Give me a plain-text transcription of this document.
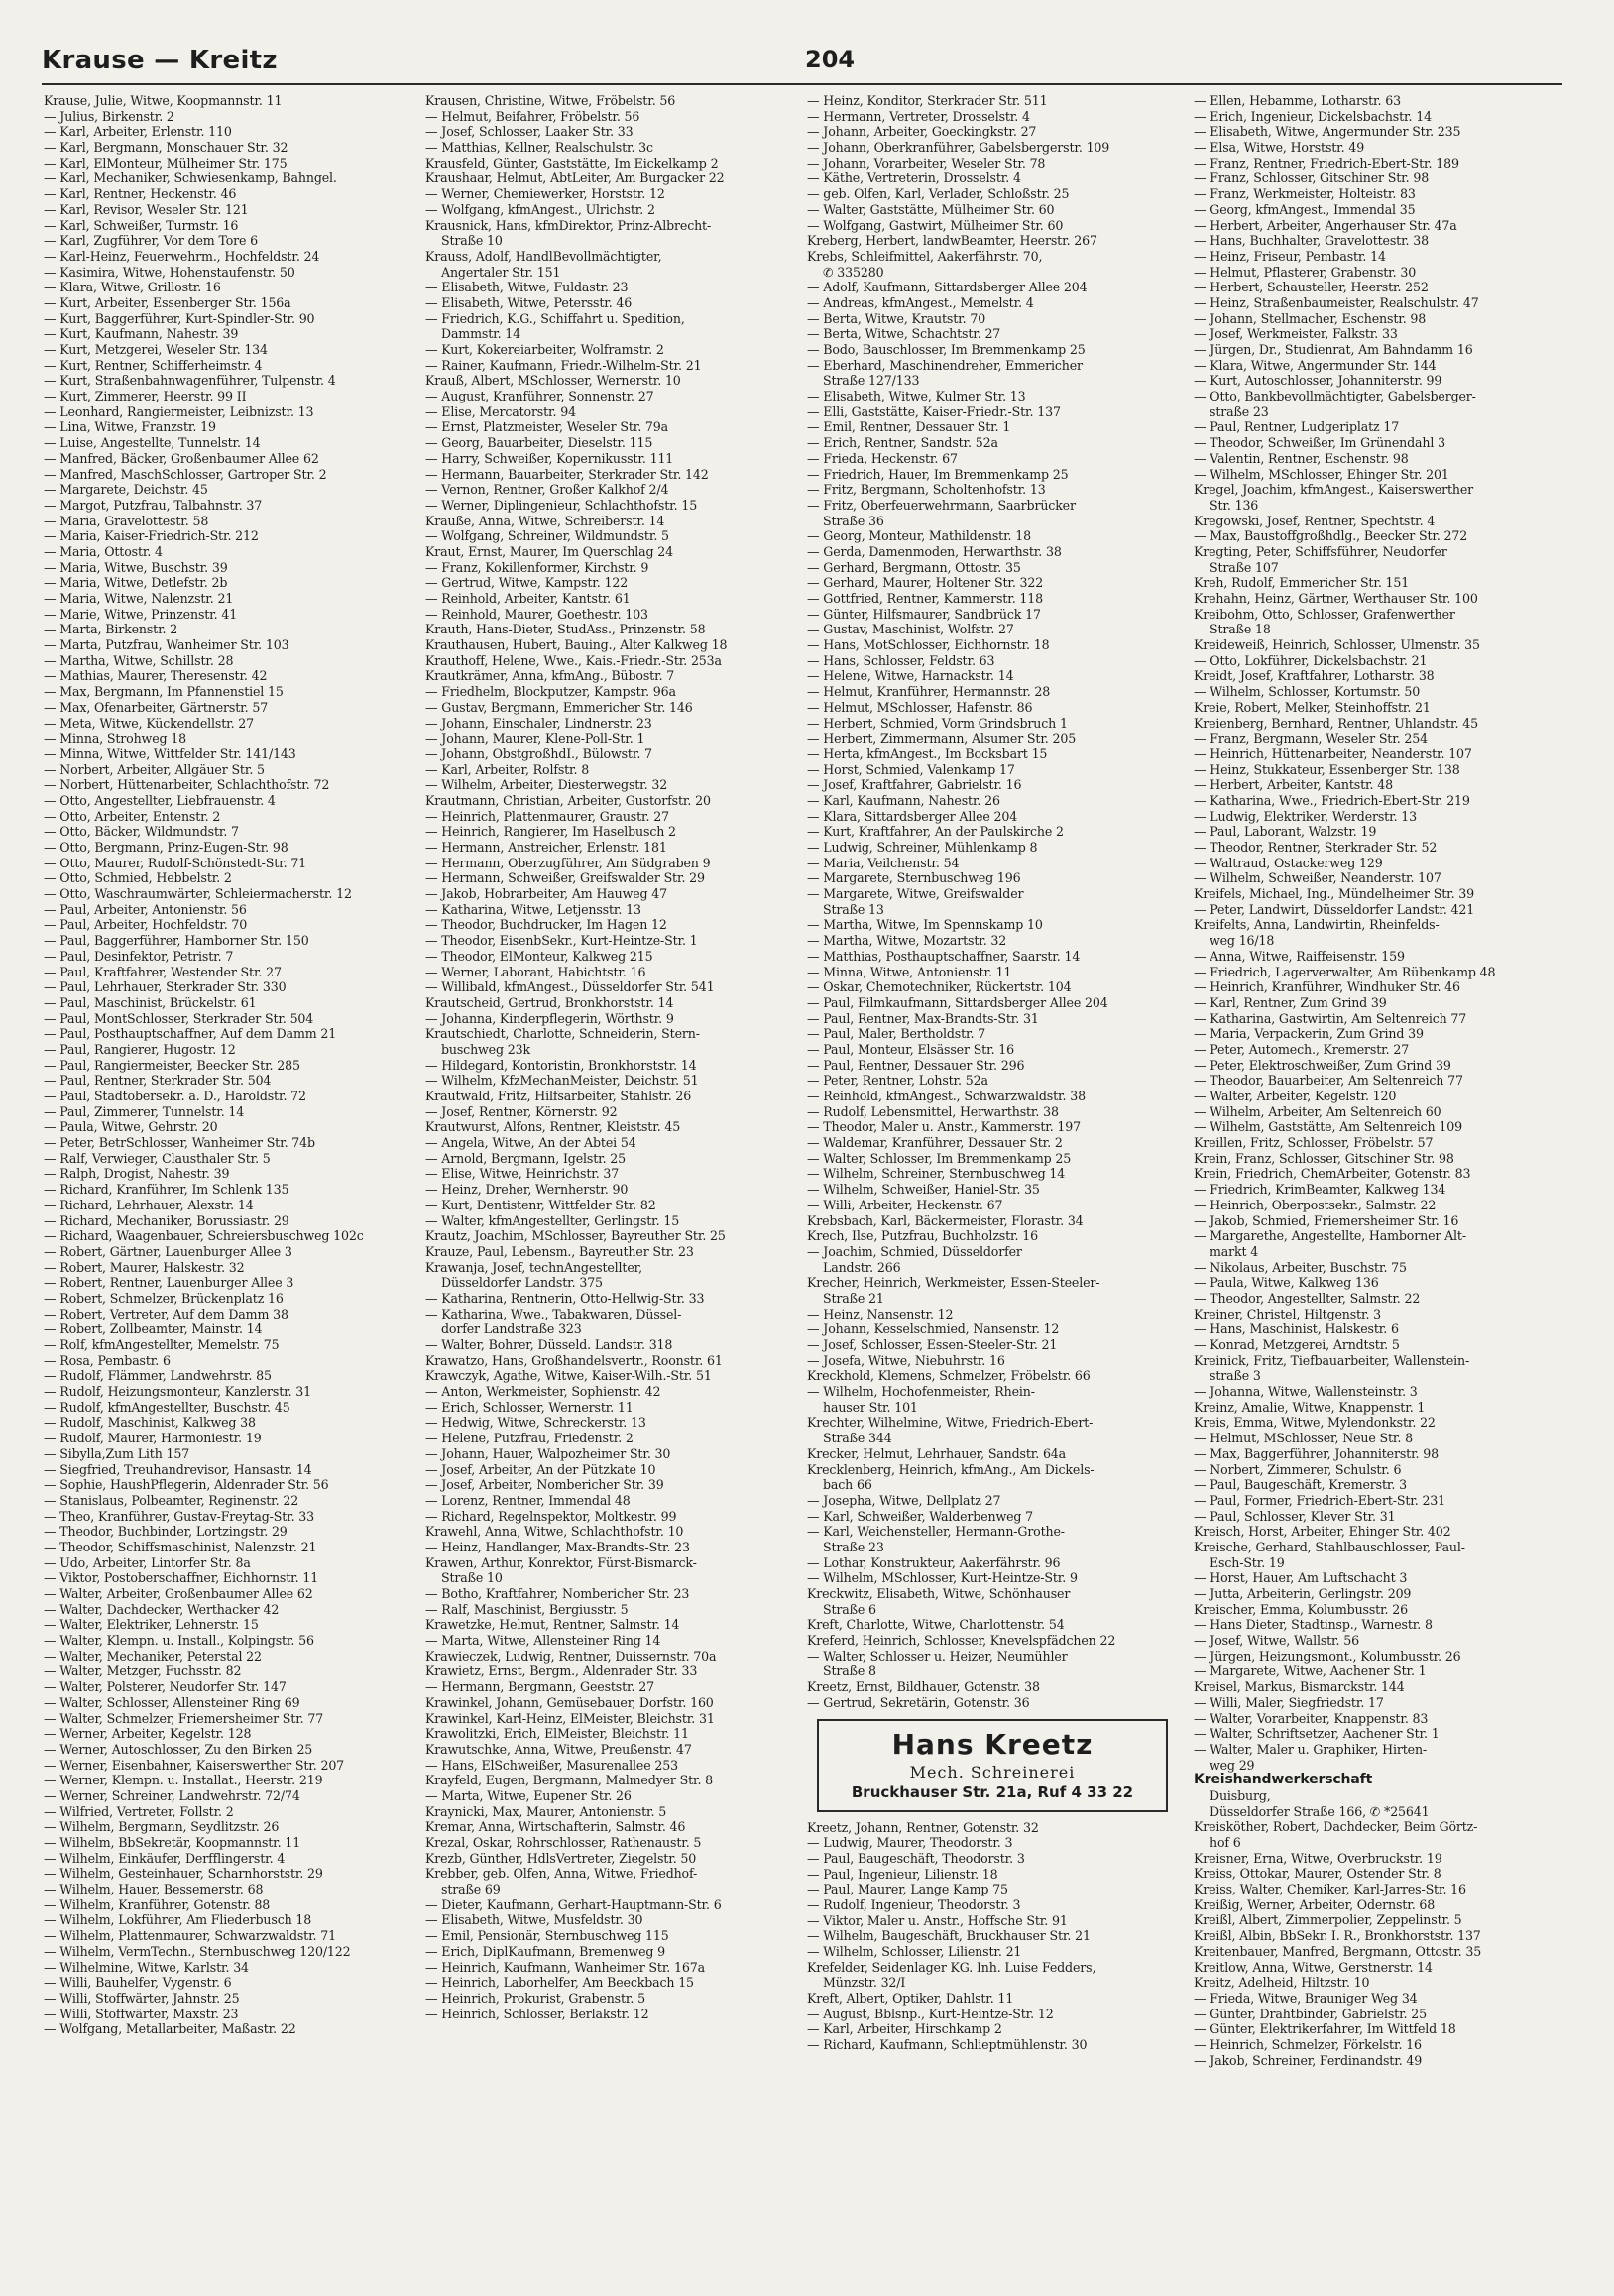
Krause — Kreitz	204
Krause, Julie, Witwe, Koopmannstr. 11
— Julius, Birkenstr. 2
— Karl, Arbeiter, Erlenstr. 110
— Karl, Bergmann, Monschauer Str. 32
— Karl, ElMonteur, Mülheimer Str. 175
— Karl, Mechaniker, Schwiesenkamp, Bahngel.
— Karl, Rentner, Heckenstr. 46
— Karl, Revisor, Weseler Str. 121
— Karl, Schweißer, Turmstr. 16
— Karl, Zugführer, Vor dem Tore 6
— Karl-Heinz, Feuerwehrm., Hochfeldstr. 24
— Kasimira, Witwe, Hohenstaufenstr. 50
— Klara, Witwe, Grillostr. 16
— Kurt, Arbeiter, Essenberger Str. 156a
— Kurt, Baggerführer, Kurt-Spindler-Str. 90
— Kurt, Kaufmann, Nahestr. 39
— Kurt, Metzgerei, Weseler Str. 134
— Kurt, Rentner, Schifferheimstr. 4
— Kurt, Straßenbahnwagenführer, Tulpenstr. 4
— Kurt, Zimmerer, Heerstr. 99 II
— Leonhard, Rangiermeister, Leibnizstr. 13
— Lina, Witwe, Franzstr. 19
— Luise, Angestellte, Tunnelstr. 14
— Manfred, Bäcker, Großenbaumer Allee 62
— Manfred, MaschSchlosser, Gartroper Str. 2
— Margarete, Deichstr. 45
— Margot, Putzfrau, Talbahnstr. 37
— Maria, Gravelottestr. 58
— Maria, Kaiser-Friedrich-Str. 212
— Maria, Ottostr. 4
— Maria, Witwe, Buschstr. 39
— Maria, Witwe, Detlefstr. 2b
— Maria, Witwe, Nalenzstr. 21
— Marie, Witwe, Prinzenstr. 41
— Marta, Birkenstr. 2
— Marta, Putzfrau, Wanheimer Str. 103
— Martha, Witwe, Schillstr. 28
— Mathias, Maurer, Theresenstr. 42
— Max, Bergmann, Im Pfannenstiel 15
— Max, Ofenarbeiter, Gärtnerstr. 57
— Meta, Witwe, Kückendellstr. 27
— Minna, Strohweg 18
— Minna, Witwe, Wittfelder Str. 141/143
— Norbert, Arbeiter, Allgäuer Str. 5
— Norbert, Hüttenarbeiter, Schlachthofstr. 72
— Otto, Angestellter, Liebfrauenstr. 4
— Otto, Arbeiter, Entenstr. 2
— Otto, Bäcker, Wildmundstr. 7
— Otto, Bergmann, Prinz-Eugen-Str. 98
— Otto, Maurer, Rudolf-Schönstedt-Str. 71
— Otto, Schmied, Hebbelstr. 2
— Otto, Waschraumwärter, Schleiermacherstr. 12
— Paul, Arbeiter, Antonienstr. 56
— Paul, Arbeiter, Hochfeldstr. 70
— Paul, Baggerführer, Hamborner Str. 150
— Paul, Desinfektor, Petristr. 7
— Paul, Kraftfahrer, Westender Str. 27
— Paul, Lehrhauer, Sterkrader Str. 330
— Paul, Maschinist, Brückelstr. 61
— Paul, MontSchlosser, Sterkrader Str. 504
— Paul, Posthauptschaffner, Auf dem Damm 21
— Paul, Rangierer, Hugostr. 12
— Paul, Rangiermeister, Beecker Str. 285
— Paul, Rentner, Sterkrader Str. 504
— Paul, Stadtobersekr. a. D., Haroldstr. 72
— Paul, Zimmerer, Tunnelstr. 14
— Paula, Witwe, Gehrstr. 20
— Peter, BetrSchlosser, Wanheimer Str. 74b
— Ralf, Verwieger, Clausthaler Str. 5
— Ralph, Drogist, Nahestr. 39
— Richard, Kranführer, Im Schlenk 135
— Richard, Lehrhauer, Alexstr. 14
— Richard, Mechaniker, Borussiastr. 29
— Richard, Waagenbauer, Schreiersbuschweg 102c
— Robert, Gärtner, Lauenburger Allee 3
— Robert, Maurer, Halskestr. 32
— Robert, Rentner, Lauenburger Allee 3
— Robert, Schmelzer, Brückenplatz 16
— Robert, Vertreter, Auf dem Damm 38
— Robert, Zollbeamter, Mainstr. 14
— Rolf, kfmAngestellter, Memelstr. 75
— Rosa, Pembastr. 6
— Rudolf, Flämmer, Landwehrstr. 85
— Rudolf, Heizungsmonteur, Kanzlerstr. 31
— Rudolf, kfmAngestellter, Buschstr. 45
— Rudolf, Maschinist, Kalkweg 38
— Rudolf, Maurer, Harmoniestr. 19
— Sibylla,Zum Lith 157
— Siegfried, Treuhandrevisor, Hansastr. 14
— Sophie, HaushPflegerin, Aldenrader Str. 56
— Stanislaus, Polbeamter, Reginenstr. 22
— Theo, Kranführer, Gustav-Freytag-Str. 33
— Theodor, Buchbinder, Lortzingstr. 29
— Theodor, Schiffsmaschinist, Nalenzstr. 21
— Udo, Arbeiter, Lintorfer Str. 8a
— Viktor, Postoberschaffner, Eichhornstr. 11
— Walter, Arbeiter, Großenbaumer Allee 62
— Walter, Dachdecker, Werthacker 42
— Walter, Elektriker, Lehnerstr. 15
— Walter, Klempn. u. Install., Kolpingstr. 56
— Walter, Mechaniker, Peterstal 22
— Walter, Metzger, Fuchsstr. 82
— Walter, Polsterer, Neudorfer Str. 147
— Walter, Schlosser, Allensteiner Ring 69
— Walter, Schmelzer, Friemersheimer Str. 77
— Werner, Arbeiter, Kegelstr. 128
— Werner, Autoschlosser, Zu den Birken 25
— Werner, Eisenbahner, Kaiserswerther Str. 207
— Werner, Klempn. u. Installat., Heerstr. 219
— Werner, Schreiner, Landwehrstr. 72/74
— Wilfried, Vertreter, Follstr. 2
— Wilhelm, Bergmann, Seydlitzstr. 26
— Wilhelm, BbSekretär, Koopmannstr. 11
— Wilhelm, Einkäufer, Derfflingerstr. 4
— Wilhelm, Gesteinhauer, Scharnhorststr. 29
— Wilhelm, Hauer, Bessemerstr. 68
— Wilhelm, Kranführer, Gotenstr. 88
— Wilhelm, Lokführer, Am Fliederbusch 18
— Wilhelm, Plattenmaurer, Schwarzwaldstr. 71
— Wilhelm, VermTechn., Sternbuschweg 120/122
— Wilhelmine, Witwe, Karlstr. 34
— Willi, Bauhelfer, Vygenstr. 6
— Willi, Stoffwärter, Jahnstr. 25
— Willi, Stoffwärter, Maxstr. 23
— Wolfgang, Metallarbeiter, Maßastr. 22
Krausen, Christine, Witwe, Fröbelstr. 56
— Helmut, Beifahrer, Fröbelstr. 56
— Josef, Schlosser, Laaker Str. 33
— Matthias, Kellner, Realschulstr. 3c
Krausfeld, Günter, Gaststätte, Im Eickelkamp 2
Kraushaar, Helmut, AbtLeiter, Am Burgacker 22
— Werner, Chemiewerker, Horststr. 12
— Wolfgang, kfmAngest., Ulrichstr. 2
Krausnick, Hans, kfmDirektor, Prinz-Albrecht-
Straße 10
Krauss, Adolf, HandlBevollmächtigter,
Angertaler Str. 151
— Elisabeth, Witwe, Fuldastr. 23
— Elisabeth, Witwe, Petersstr. 46
— Friedrich, K.G., Schiffahrt u. Spedition,
Dammstr. 14
— Kurt, Kokereiarbeiter, Wolframstr. 2
— Rainer, Kaufmann, Friedr.-Wilhelm-Str. 21
Krauß, Albert, MSchlosser, Wernerstr. 10
— August, Kranführer, Sonnenstr. 27
— Elise, Mercatorstr. 94
— Ernst, Platzmeister, Weseler Str. 79a
— Georg, Bauarbeiter, Dieselstr. 115
— Harry, Schweißer, Kopernikusstr. 111
— Hermann, Bauarbeiter, Sterkrader Str. 142
— Vernon, Rentner, Großer Kalkhof 2/4
— Werner, Diplingenieur, Schlachthofstr. 15
Krauße, Anna, Witwe, Schreiberstr. 14
— Wolfgang, Schreiner, Wildmundstr. 5
Kraut, Ernst, Maurer, Im Querschlag 24
— Franz, Kokillenformer, Kirchstr. 9
— Gertrud, Witwe, Kampstr. 122
— Reinhold, Arbeiter, Kantstr. 61
— Reinhold, Maurer, Goethestr. 103
Krauth, Hans-Dieter, StudAss., Prinzenstr. 58
Krauthausen, Hubert, Bauing., Alter Kalkweg 18
Krauthoff, Helene, Wwe., Kais.-Friedr.-Str. 253a
Krautkrämer, Anna, kfmAng., Bübostr. 7
— Friedhelm, Blockputzer, Kampstr. 96a
— Gustav, Bergmann, Emmericher Str. 146
— Johann, Einschaler, Lindnerstr. 23
— Johann, Maurer, Klene-Poll-Str. 1
— Johann, ObstgroßhdI., Bülowstr. 7
— Karl, Arbeiter, Rolfstr. 8
— Wilhelm, Arbeiter, Diesterwegstr. 32
Krautmann, Christian, Arbeiter, Gustorfstr. 20
— Heinrich, Plattenmaurer, Graustr. 27
— Heinrich, Rangierer, Im Haselbusch 2
— Hermann, Anstreicher, Erlenstr. 181
— Hermann, Oberzugführer, Am Südgraben 9
— Hermann, Schweißer, Greifswalder Str. 29
— Jakob, Hobrarbeiter, Am Hauweg 47
— Katharina, Witwe, Letjensstr. 13
— Theodor, Buchdrucker, Im Hagen 12
— Theodor, EisenbSekr., Kurt-Heintze-Str. 1
— Theodor, ElMonteur, Kalkweg 215
— Werner, Laborant, Habichtstr. 16
— Willibald, kfmAngest., Düsseldorfer Str. 541
Krautscheid, Gertrud, Bronkhorststr. 14
— Johanna, Kinderpflegerin, Wörthstr. 9
Krautschiedt, Charlotte, Schneiderin, Stern-
buschweg 23k
— Hildegard, Kontoristin, Bronkhorststr. 14
— Wilhelm, KfzMechanMeister, Deichstr. 51
Krautwald, Fritz, Hilfsarbeiter, Stahlstr. 26
— Josef, Rentner, Körnerstr. 92
Krautwurst, Alfons, Rentner, Kleiststr. 45
— Angela, Witwe, An der Abtei 54
— Arnold, Bergmann, Igelstr. 25
— Elise, Witwe, Heinrichstr. 37
— Heinz, Dreher, Wernherstr. 90
— Kurt, Dentistenr, Wittfelder Str. 82
— Walter, kfmAngestellter, Gerlingstr. 15
Krautz, Joachim, MSchlosser, Bayreuther Str. 25
Krauze, Paul, Lebensm., Bayreuther Str. 23
Krawanja, Josef, technAngestellter,
Düsseldorfer Landstr. 375
— Katharina, Rentnerin, Otto-Hellwig-Str. 33
— Katharina, Wwe., Tabakwaren, Düssel-
dorfer Landstraße 323
— Walter, Bohrer, Düsseld. Landstr. 318
Krawatzo, Hans, Großhandelsvertr., Roonstr. 61
Krawczyk, Agathe, Witwe, Kaiser-Wilh.-Str. 51
— Anton, Werkmeister, Sophienstr. 42
— Erich, Schlosser, Wernerstr. 11
— Hedwig, Witwe, Schreckerstr. 13
— Helene, Putzfrau, Friedenstr. 2
— Johann, Hauer, Walpozheimer Str. 30
— Josef, Arbeiter, An der Pützkate 10
— Josef, Arbeiter, Nombericher Str. 39
— Lorenz, Rentner, Immendal 48
— Richard, Regelnspektor, Moltkestr. 99
Krawehl, Anna, Witwe, Schlachthofstr. 10
— Heinz, Handlanger, Max-Brandts-Str. 23
Krawen, Arthur, Konrektor, Fürst-Bismarck-
Straße 10
— Botho, Kraftfahrer, Nombericher Str. 23
— Ralf, Maschinist, Bergiusstr. 5
Krawetzke, Helmut, Rentner, Salmstr. 14
— Marta, Witwe, Allensteiner Ring 14
Krawieczek, Ludwig, Rentner, Duissernstr. 70a
Krawietz, Ernst, Bergm., Aldenrader Str. 33
— Hermann, Bergmann, Geeststr. 27
Krawinkel, Johann, Gemüsebauer, Dorfstr. 160
Krawinkel, Karl-Heinz, ElMeister, Bleichstr. 31
Krawolitzki, Erich, ElMeister, Bleichstr. 11
Krawutschke, Anna, Witwe, Preußenstr. 47
— Hans, ElSchweißer, Masurenallee 253
Krayfeld, Eugen, Bergmann, Malmedyer Str. 8
— Marta, Witwe, Eupener Str. 26
Kraynicki, Max, Maurer, Antonienstr. 5
Kremar, Anna, Wirtschafterin, Salmstr. 46
Krezal, Oskar, Rohrschlosser, Rathenaustr. 5
Krezb, Günther, HdlsVertreter, Ziegelstr. 50
Krebber, geb. Olfen, Anna, Witwe, Friedhof-
straße 69
— Dieter, Kaufmann, Gerhart-Hauptmann-Str. 6
— Elisabeth, Witwe, Musfeldstr. 30
— Emil, Pensionär, Sternbuschweg 115
— Erich, DiplKaufmann, Bremenweg 9
— Heinrich, Kaufmann, Wanheimer Str. 167a
— Heinrich, Laborhelfer, Am Beeckbach 15
— Heinrich, Prokurist, Grabenstr. 5
— Heinrich, Schlosser, Berlakstr. 12
— Heinz, Konditor, Sterkrader Str. 511
— Hermann, Vertreter, Drosselstr. 4
— Johann, Arbeiter, Goeckingkstr. 27
— Johann, Oberkranführer, Gabelsbergerstr. 109
— Johann, Vorarbeiter, Weseler Str. 78
— Käthe, Vertreterin, Drosselstr. 4
— geb. Olfen, Karl, Verlader, Schloßstr. 25
— Walter, Gaststätte, Mülheimer Str. 60
— Wolfgang, Gastwirt, Mülheimer Str. 60
Kreberg, Herbert, landwBeamter, Heerstr. 267
Krebs, Schleifmittel, Aakerfährstr. 70,
✆ 335280
— Adolf, Kaufmann, Sittardsberger Allee 204
— Andreas, kfmAngest., Memelstr. 4
— Berta, Witwe, Krautstr. 70
— Berta, Witwe, Schachtstr. 27
— Bodo, Bauschlosser, Im Bremmenkamp 25
— Eberhard, Maschinendreher, Emmericher
Straße 127/133
— Elisabeth, Witwe, Kulmer Str. 13
— Elli, Gaststätte, Kaiser-Friedr.-Str. 137
— Emil, Rentner, Dessauer Str. 1
— Erich, Rentner, Sandstr. 52a
— Frieda, Heckenstr. 67
— Friedrich, Hauer, Im Bremmenkamp 25
— Fritz, Bergmann, Scholtenhofstr. 13
— Fritz, Oberfeuerwehrmann, Saarbrücker
Straße 36
— Georg, Monteur, Mathildenstr. 18
— Gerda, Damenmoden, Herwarthstr. 38
— Gerhard, Bergmann, Ottostr. 35
— Gerhard, Maurer, Holtener Str. 322
— Gottfried, Rentner, Kammerstr. 118
— Günter, Hilfsmaurer, Sandbrück 17
— Gustav, Maschinist, Wolfstr. 27
— Hans, MotSchlosser, Eichhornstr. 18
— Hans, Schlosser, Feldstr. 63
— Helene, Witwe, Harnackstr. 14
— Helmut, Kranführer, Hermannstr. 28
— Helmut, MSchlosser, Hafenstr. 86
— Herbert, Schmied, Vorm Grindsbruch 1
— Herbert, Zimmermann, Alsumer Str. 205
— Herta, kfmAngest., Im Bocksbart 15
— Horst, Schmied, Valenkamp 17
— Josef, Kraftfahrer, Gabrielstr. 16
— Karl, Kaufmann, Nahestr. 26
— Klara, Sittardsberger Allee 204
— Kurt, Kraftfahrer, An der Paulskirche 2
— Ludwig, Schreiner, Mühlenkamp 8
— Maria, Veilchenstr. 54
— Margarete, Sternbuschweg 196
— Margarete, Witwe, Greifswalder
Straße 13
— Martha, Witwe, Im Spennskamp 10
— Martha, Witwe, Mozartstr. 32
— Matthias, Posthauptschaffner, Saarstr. 14
— Minna, Witwe, Antonienstr. 11
— Oskar, Chemotechniker, Rückertstr. 104
— Paul, Filmkaufmann, Sittardsberger Allee 204
— Paul, Rentner, Max-Brandts-Str. 31
— Paul, Maler, Bertholdstr. 7
— Paul, Monteur, Elsässer Str. 16
— Paul, Rentner, Dessauer Str. 296
— Peter, Rentner, Lohstr. 52a
— Reinhold, kfmAngest., Schwarzwaldstr. 38
— Rudolf, Lebensmittel, Herwarthstr. 38
— Theodor, Maler u. Anstr., Kammerstr. 197
— Waldemar, Kranführer, Dessauer Str. 2
— Walter, Schlosser, Im Bremmenkamp 25
— Wilhelm, Schreiner, Sternbuschweg 14
— Wilhelm, Schweißer, Haniel-Str. 35
— Willi, Arbeiter, Heckenstr. 67
Krebsbach, Karl, Bäckermeister, Florastr. 34
Krech, Ilse, Putzfrau, Buchholzstr. 16
— Joachim, Schmied, Düsseldorfer
Landstr. 266
Krecher, Heinrich, Werkmeister, Essen-Steeler-
Straße 21
— Heinz, Nansenstr. 12
— Johann, Kesselschmied, Nansenstr. 12
— Josef, Schlosser, Essen-Steeler-Str. 21
— Josefa, Witwe, Niebuhrstr. 16
Kreckhold, Klemens, Schmelzer, Fröbelstr. 66
— Wilhelm, Hochofenmeister, Rhein-
hauser Str. 101
Krechter, Wilhelmine, Witwe, Friedrich-Ebert-
Straße 344
Krecker, Helmut, Lehrhauer, Sandstr. 64a
Krecklenberg, Heinrich, kfmAng., Am Dickels-
bach 66
— Josepha, Witwe, Dellplatz 27
— Karl, Schweißer, Walderbenweg 7
— Karl, Weichensteller, Hermann-Grothe-
Straße 23
— Lothar, Konstrukteur, Aakerfährstr. 96
— Wilhelm, MSchlosser, Kurt-Heintze-Str. 9
Kreckwitz, Elisabeth, Witwe, Schönhauser
Straße 6
Kreft, Charlotte, Witwe, Charlottenstr. 54
Kreferd, Heinrich, Schlosser, Knevelspfädchen 22
— Walter, Schlosser u. Heizer, Neumühler
Straße 8
Kreetz, Ernst, Bildhauer, Gotenstr. 38
— Gertrud, Sekretärin, Gotenstr. 36
Hans Kreetz
Mech. Schreinerei
Bruckhauser Str. 21a, Ruf 4 33 22
Kreetz, Johann, Rentner, Gotenstr. 32
— Ludwig, Maurer, Theodorstr. 3
— Paul, Baugeschäft, Theodorstr. 3
— Paul, Ingenieur, Lilienstr. 18
— Paul, Maurer, Lange Kamp 75
— Rudolf, Ingenieur, Theodorstr. 3
— Viktor, Maler u. Anstr., Hoffsche Str. 91
— Wilhelm, Baugeschäft, Bruckhauser Str. 21
— Wilhelm, Schlosser, Lilienstr. 21
Krefelder, Seidenlager KG. Inh. Luise Fedders,
Münzstr. 32/I
Kreft, Albert, Optiker, Dahlstr. 11
— August, Bblsnp., Kurt-Heintze-Str. 12
— Karl, Arbeiter, Hirschkamp 2
— Richard, Kaufmann, Schlieptmühlenstr. 30
— Ellen, Hebamme, Lotharstr. 63
— Erich, Ingenieur, Dickelsbachstr. 14
— Elisabeth, Witwe, Angermunder Str. 235
— Elsa, Witwe, Horststr. 49
— Franz, Rentner, Friedrich-Ebert-Str. 189
— Franz, Schlosser, Gitschiner Str. 98
— Franz, Werkmeister, Holteistr. 83
— Georg, kfmAngest., Immendal 35
— Herbert, Arbeiter, Angerhauser Str. 47a
— Hans, Buchhalter, Gravelottestr. 38
— Heinz, Friseur, Pembastr. 14
— Helmut, Pflasterer, Grabenstr. 30
— Herbert, Schausteller, Heerstr. 252
— Heinz, Straßenbaumeister, Realschulstr. 47
— Johann, Stellmacher, Eschenstr. 98
— Josef, Werkmeister, Falkstr. 33
— Jürgen, Dr., Studienrat, Am Bahndamm 16
— Klara, Witwe, Angermunder Str. 144
— Kurt, Autoschlosser, Johanniterstr. 99
— Otto, Bankbevollmächtigter, Gabelsberger-
straße 23
— Paul, Rentner, Ludgeriplatz 17
— Theodor, Schweißer, Im Grünendahl 3
— Valentin, Rentner, Eschenstr. 98
— Wilhelm, MSchlosser, Ehinger Str. 201
Kregel, Joachim, kfmAngest., Kaiserswerther
Str. 136
Kregowski, Josef, Rentner, Spechtstr. 4
— Max, Baustoffgroßhdlg., Beecker Str. 272
Kregting, Peter, Schiffsführer, Neudorfer
Straße 107
Kreh, Rudolf, Emmericher Str. 151
Krehahn, Heinz, Gärtner, Werthauser Str. 100
Kreibohm, Otto, Schlosser, Grafenwerther
Straße 18
Kreideweiß, Heinrich, Schlosser, Ulmenstr. 35
— Otto, Lokführer, Dickelsbachstr. 21
Kreidt, Josef, Kraftfahrer, Lotharstr. 38
— Wilhelm, Schlosser, Kortumstr. 50
Kreie, Robert, Melker, Steinhoffstr. 21
Kreienberg, Bernhard, Rentner, Uhlandstr. 45
— Franz, Bergmann, Weseler Str. 254
— Heinrich, Hüttenarbeiter, Neanderstr. 107
— Heinz, Stukkateur, Essenberger Str. 138
— Herbert, Arbeiter, Kantstr. 48
— Katharina, Wwe., Friedrich-Ebert-Str. 219
— Ludwig, Elektriker, Werderstr. 13
— Paul, Laborant, Walzstr. 19
— Theodor, Rentner, Sterkrader Str. 52
— Waltraud, Ostackerweg 129
— Wilhelm, Schweißer, Neanderstr. 107
Kreifels, Michael, Ing., Mündelheimer Str. 39
— Peter, Landwirt, Düsseldorfer Landstr. 421
Kreifelts, Anna, Landwirtin, Rheinfelds-
weg 16/18
— Anna, Witwe, Raiffeisenstr. 159
— Friedrich, Lagerverwalter, Am Rübenkamp 48
— Heinrich, Kranführer, Windhuker Str. 46
— Karl, Rentner, Zum Grind 39
— Katharina, Gastwirtin, Am Seltenreich 77
— Maria, Verpackerin, Zum Grind 39
— Peter, Automech., Kremerstr. 27
— Peter, Elektroschweißer, Zum Grind 39
— Theodor, Bauarbeiter, Am Seltenreich 77
— Walter, Arbeiter, Kegelstr. 120
— Wilhelm, Arbeiter, Am Seltenreich 60
— Wilhelm, Gaststätte, Am Seltenreich 109
Kreillen, Fritz, Schlosser, Fröbelstr. 57
Krein, Franz, Schlosser, Gitschiner Str. 98
Krein, Friedrich, ChemArbeiter, Gotenstr. 83
— Friedrich, KrimBeamter, Kalkweg 134
— Heinrich, Oberpostsekr., Salmstr. 22
— Jakob, Schmied, Friemersheimer Str. 16
— Margarethe, Angestellte, Hamborner Alt-
markt 4
— Nikolaus, Arbeiter, Buschstr. 75
— Paula, Witwe, Kalkweg 136
— Theodor, Angestellter, Salmstr. 22
Kreiner, Christel, Hiltgenstr. 3
— Hans, Maschinist, Halskestr. 6
— Konrad, Metzgerei, Arndtstr. 5
Kreinick, Fritz, Tiefbauarbeiter, Wallenstein-
straße 3
— Johanna, Witwe, Wallensteinstr. 3
Kreinz, Amalie, Witwe, Knappenstr. 1
Kreis, Emma, Witwe, Mylendonkstr. 22
— Helmut, MSchlosser, Neue Str. 8
— Max, Baggerführer, Johanniterstr. 98
— Norbert, Zimmerer, Schulstr. 6
— Paul, Baugeschäft, Kremerstr. 3
— Paul, Former, Friedrich-Ebert-Str. 231
— Paul, Schlosser, Klever Str. 31
Kreisch, Horst, Arbeiter, Ehinger Str. 402
Kreische, Gerhard, Stahlbauschlosser, Paul-
Esch-Str. 19
— Horst, Hauer, Am Luftschacht 3
— Jutta, Arbeiterin, Gerlingstr. 209
Kreischer, Emma, Kolumbusstr. 26
— Hans Dieter, Stadtinsp., Warnestr. 8
— Josef, Witwe, Wallstr. 56
— Jürgen, Heizungsmont., Kolumbusstr. 26
— Margarete, Witwe, Aachener Str. 1
Kreisel, Markus, Bismarckstr. 144
— Willi, Maler, Siegfriedstr. 17
— Walter, Vorarbeiter, Knappenstr. 83
— Walter, Schriftsetzer, Aachener Str. 1
— Walter, Maler u. Graphiker, Hirten-
weg 29
Kreishandwerkerschaft
Duisburg,
Düsseldorfer Straße 166, ✆ *25641
Kreisköther, Robert, Dachdecker, Beim Görtz-
hof 6
Kreisner, Erna, Witwe, Overbruckstr. 19
Kreiss, Ottokar, Maurer, Ostender Str. 8
Kreiss, Walter, Chemiker, Karl-Jarres-Str. 16
Kreißig, Werner, Arbeiter, Odernstr. 68
Kreißl, Albert, Zimmerpolier, Zeppelinstr. 5
Kreißl, Albin, BbSekr. I. R., Bronkhorststr. 137
Kreitenbauer, Manfred, Bergmann, Ottostr. 35
Kreitlow, Anna, Witwe, Gerstnerstr. 14
Kreitz, Adelheid, Hiltzstr. 10
— Frieda, Witwe, Brauniger Weg 34
— Günter, Drahtbinder, Gabrielstr. 25
— Günter, Elektrikerfahrer, Im Wittfeld 18
— Heinrich, Schmelzer, Förkelstr. 16
— Jakob, Schreiner, Ferdinandstr. 49
